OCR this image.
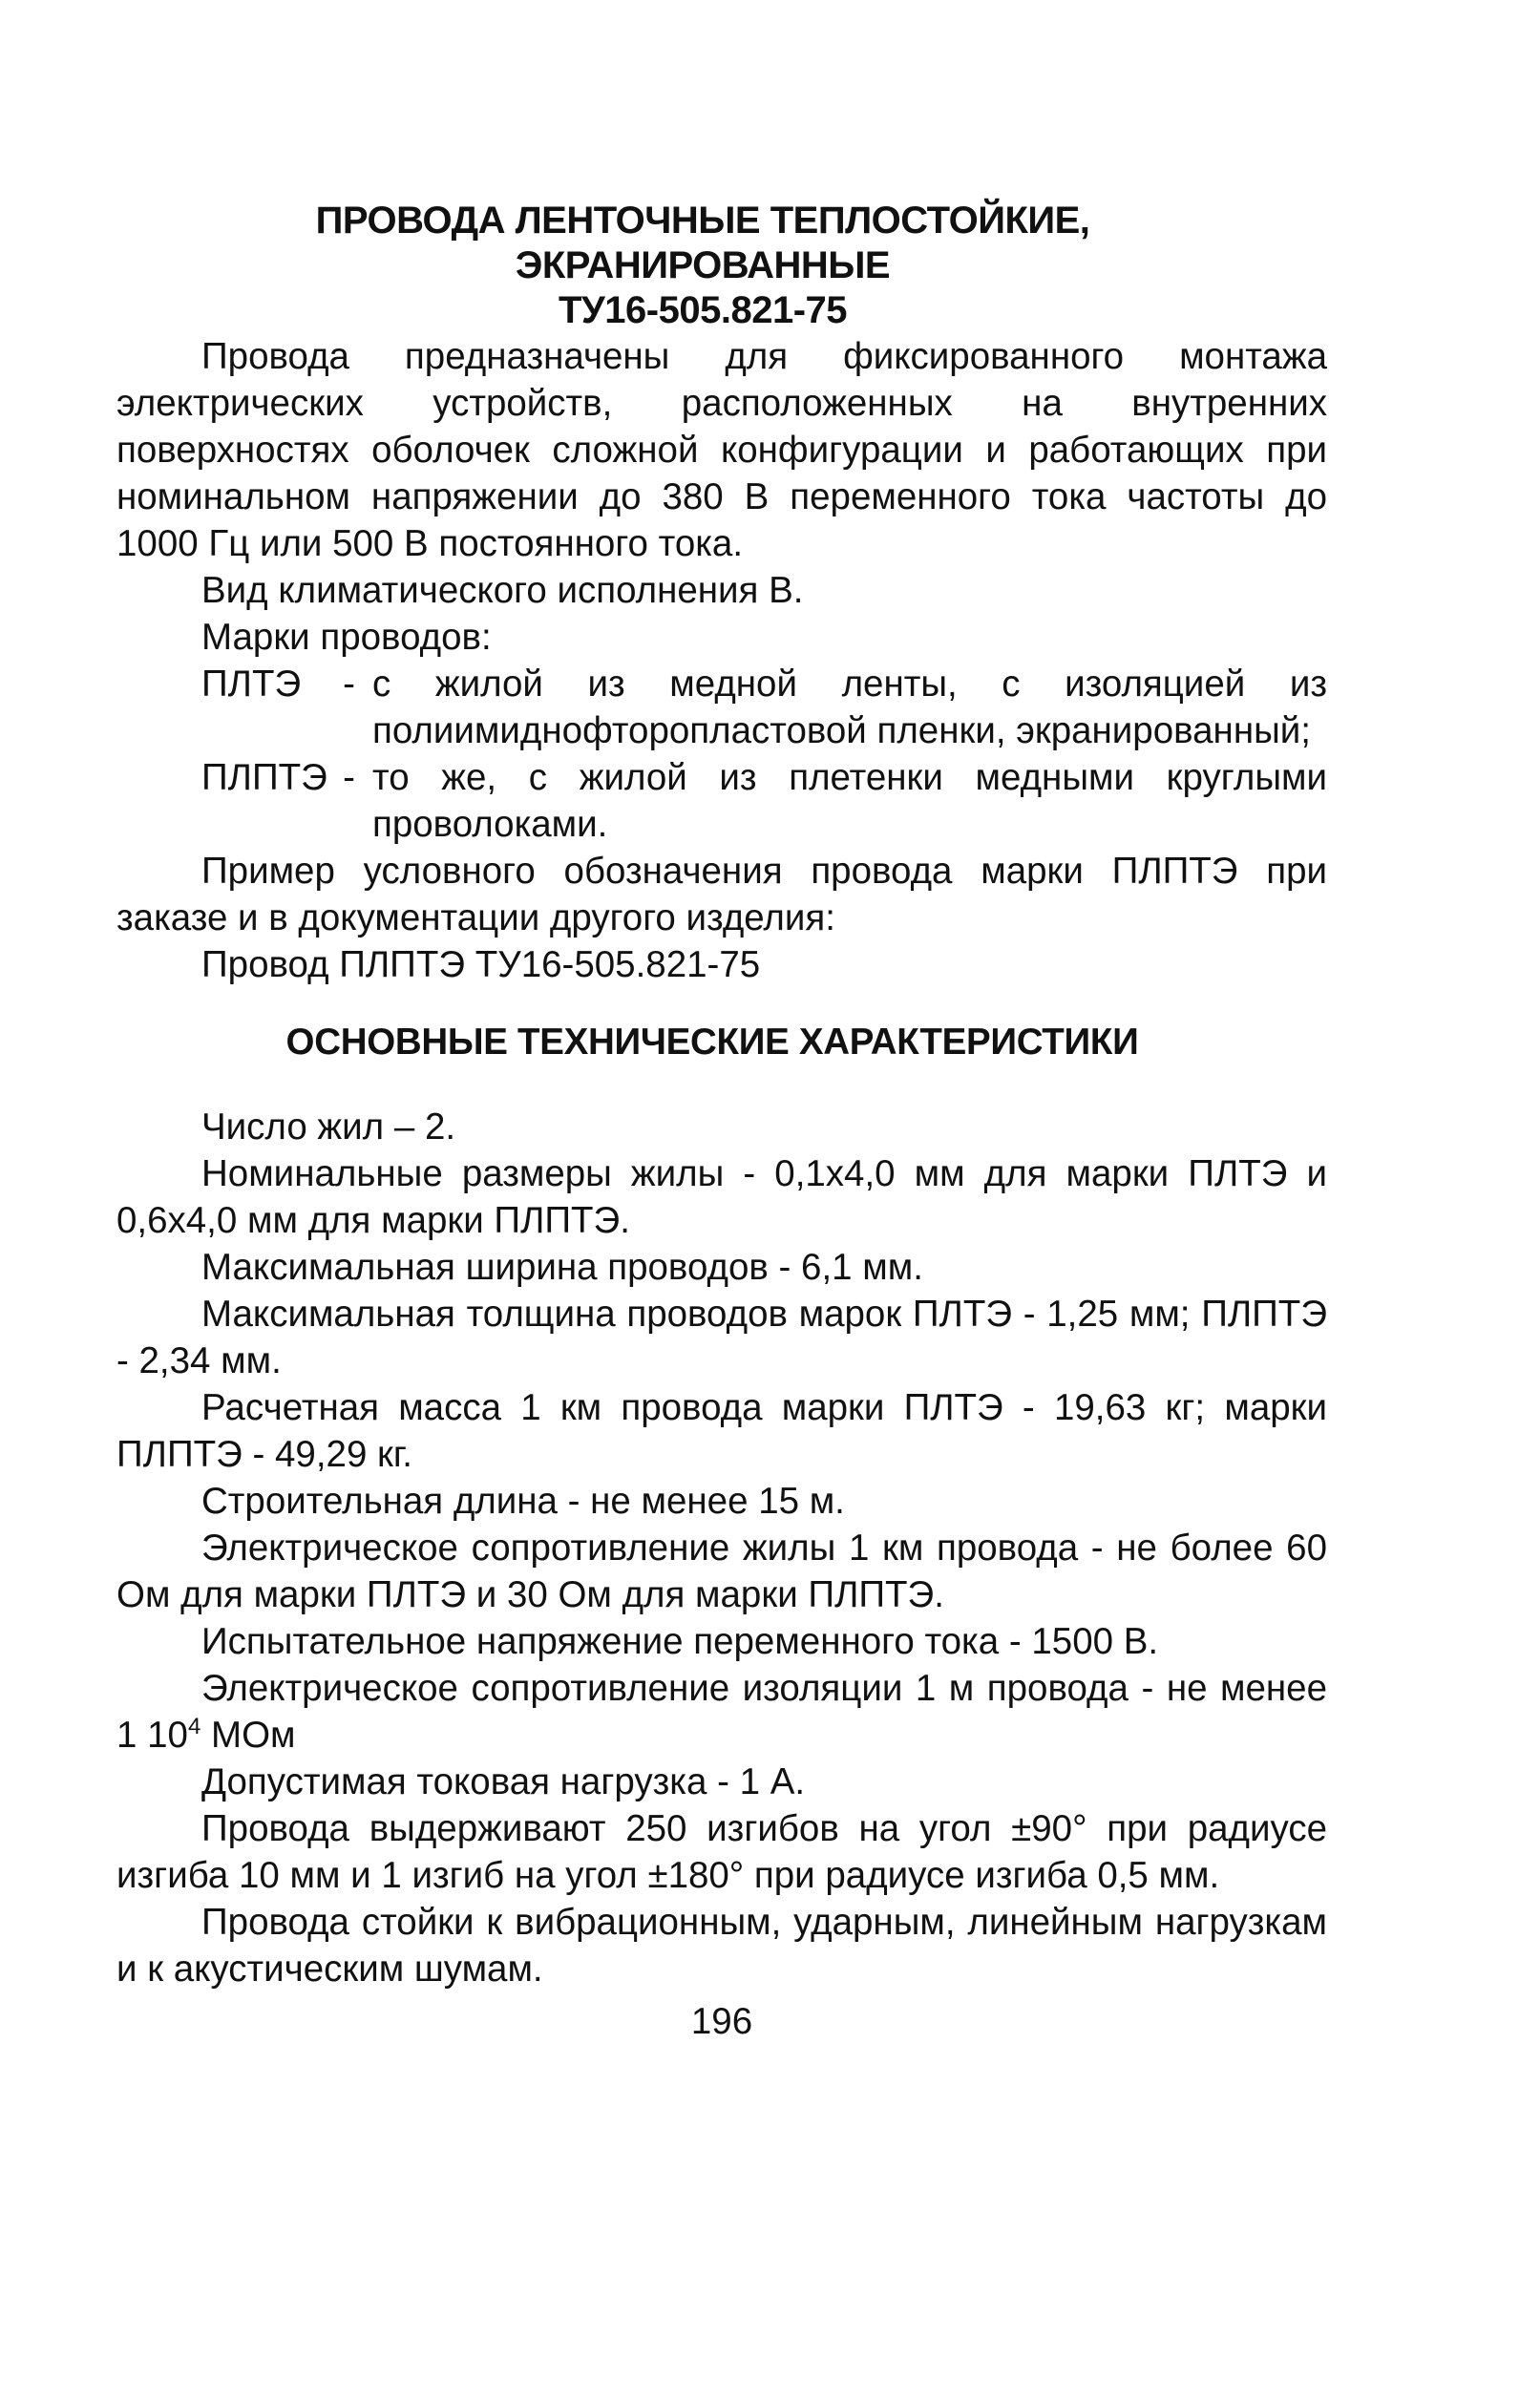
ПРОВОДА ЛЕНТОЧНЫЕ ТЕПЛОСТОЙКИЕ,
ЭКРАНИРОВАННЫЕ
ТУ16-505.821-75

Провода предназначены для фиксированного монтажа электрических устройств, расположенных на внутренних поверхностях оболочек сложной конфигурации и работающих при номинальном напряжении до 380 В переменного тока частоты до 1000 Гц или 500 В постоянного тока.

Вид климатического исполнения В.

Марки проводов:

ПЛТЭ	- с жилой из медной ленты, с изоляцией из полиимиднофторопластовой пленки, экранированный;
ПЛПТЭ - то же, с жилой из плетенки медными круглыми проволоками.

Пример условного обозначения провода марки ПЛПТЭ при заказе и в документации другого изделия:

Провод ПЛПТЭ ТУ16-505.821-75

ОСНОВНЫЕ ТЕХНИЧЕСКИЕ ХАРАКТЕРИСТИКИ

Число жил – 2.

Номинальные размеры жилы - 0,1х4,0 мм для марки ПЛТЭ и 0,6х4,0 мм для марки ПЛПТЭ.

Максимальная ширина проводов - 6,1 мм.

Максимальная толщина проводов марок ПЛТЭ - 1,25 мм; ПЛПТЭ - 2,34 мм.

Расчетная масса 1 км провода марки ПЛТЭ - 19,63 кг; марки ПЛПТЭ - 49,29 кг.

Строительная длина - не менее 15 м.

Электрическое сопротивление жилы 1 км провода - не более 60 Ом для марки ПЛТЭ и 30 Ом для марки ПЛПТЭ.

Испытательное напряжение переменного тока - 1500 В.

Электрическое сопротивление изоляции 1 м провода - не менее 1 $10^4$ МОм

Допустимая токовая нагрузка - 1 А.

Провода выдерживают 250 изгибов на угол ±90° при радиусе изгиба 10 мм и 1 изгиб на угол ±180° при радиусе изгиба 0,5 мм.

Провода стойки к вибрационным, ударным, линейным нагрузкам и к акустическим шумам.

196
